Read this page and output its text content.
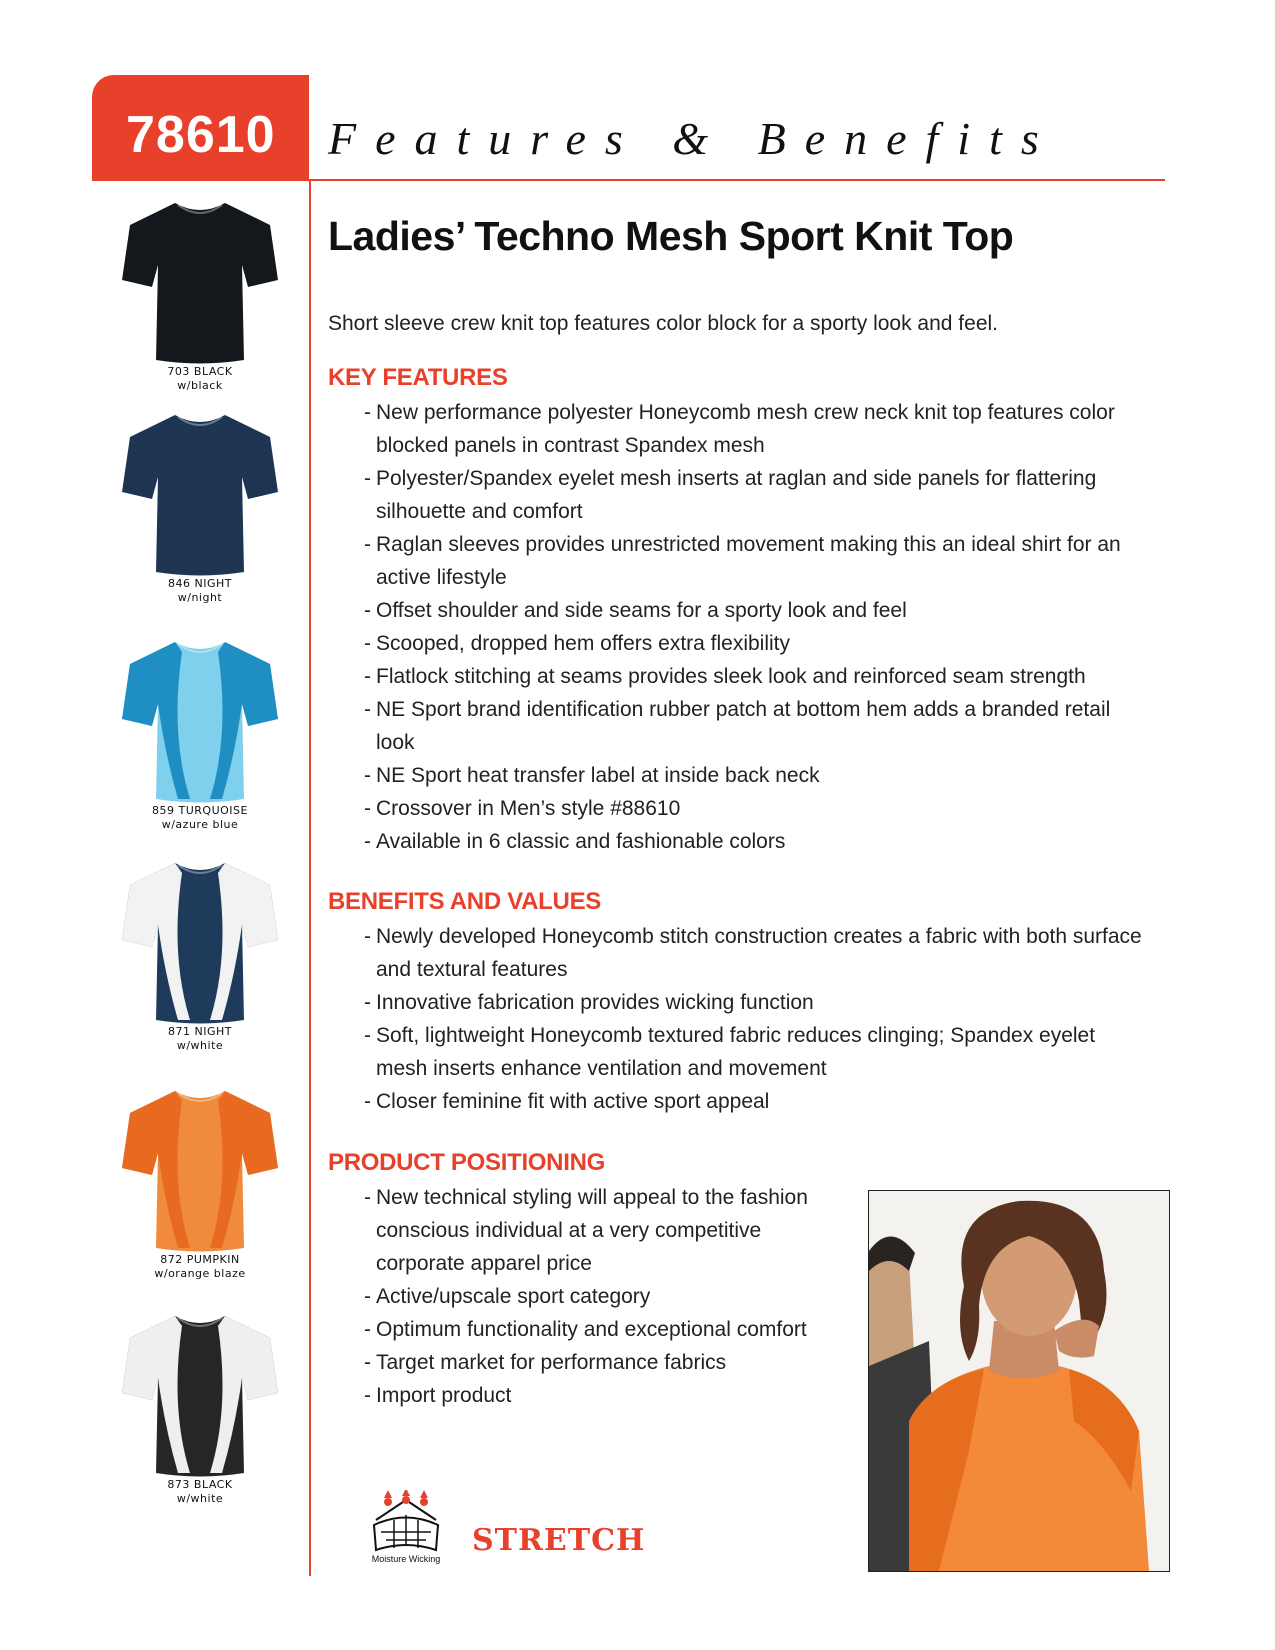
78610 Features & Benefits
703 BLACK
w/black
846 NIGHT
w/night
859 TURQUOISE
w/azure blue
871 NIGHT
w/white
872 PUMPKIN
w/orange blaze
873 BLACK
w/white
Ladies’ Techno Mesh Sport Knit Top
Short sleeve crew knit top features color block for a sporty look and feel.
KEY FEATURES
- New performance polyester Honeycomb mesh crew neck knit top features color blocked panels in contrast Spandex mesh
- Polyester/Spandex eyelet mesh inserts at raglan and side panels for flattering silhouette and comfort
- Raglan sleeves provides unrestricted movement making this an ideal shirt for an active lifestyle
- Offset shoulder and side seams for a sporty look and feel
- Scooped, dropped hem offers extra flexibility
- Flatlock stitching at seams provides sleek look and reinforced seam strength
- NE Sport brand identification rubber patch at bottom hem adds a branded retail look
- NE Sport heat transfer label at inside back neck
- Crossover in Men’s style #88610
- Available in 6 classic and fashionable colors
BENEFITS AND VALUES
- Newly developed Honeycomb stitch construction creates a fabric with both surface and textural features
- Innovative fabrication provides wicking function
- Soft, lightweight Honeycomb textured fabric reduces clinging; Spandex eyelet mesh inserts enhance ventilation and movement
- Closer feminine fit with active sport appeal
PRODUCT POSITIONING
- New technical styling will appeal to the fashion conscious individual at a very competitive corporate apparel price
- Active/upscale sport category
- Optimum functionality and exceptional comfort
- Target market for performance fabrics
- Import product
Moisture Wicking
STRETCH
